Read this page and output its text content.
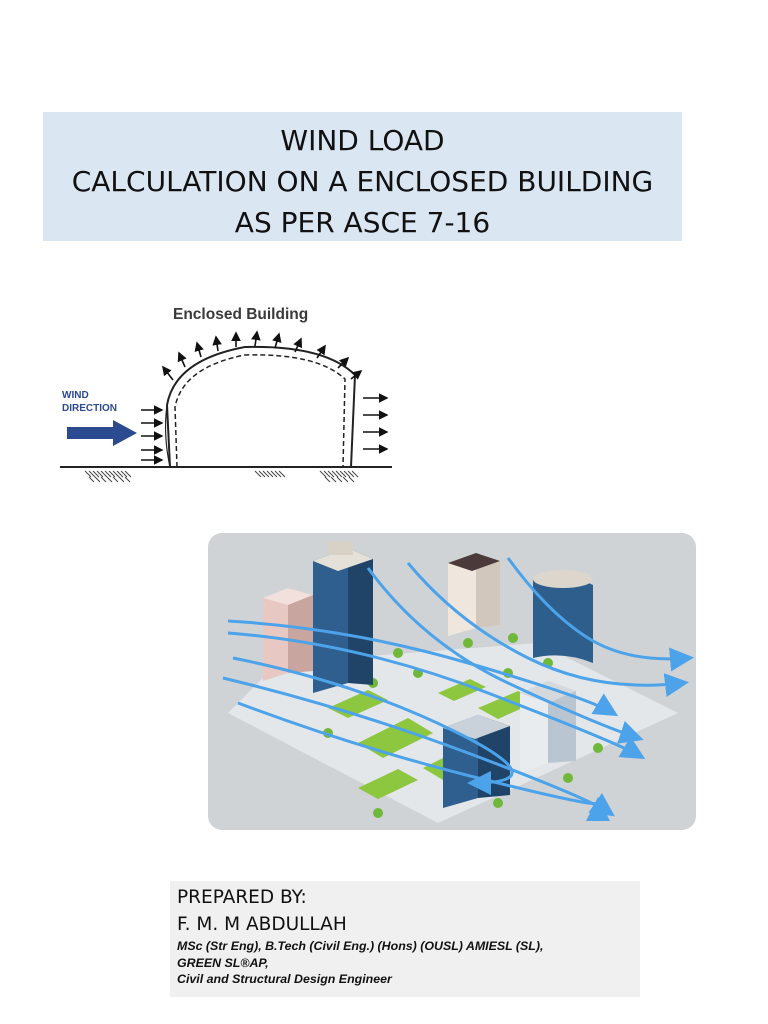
WIND LOAD
CALCULATION ON A ENCLOSED BUILDING
AS PER ASCE 7-16
Enclosed Building
WIND
DIRECTION
PREPARED BY:
F. M. M ABDULLAH
MSc (Str Eng), B.Tech (Civil Eng.) (Hons) (OUSL) AMIESL (SL),
GREEN SL®AP,
Civil and Structural Design Engineer
